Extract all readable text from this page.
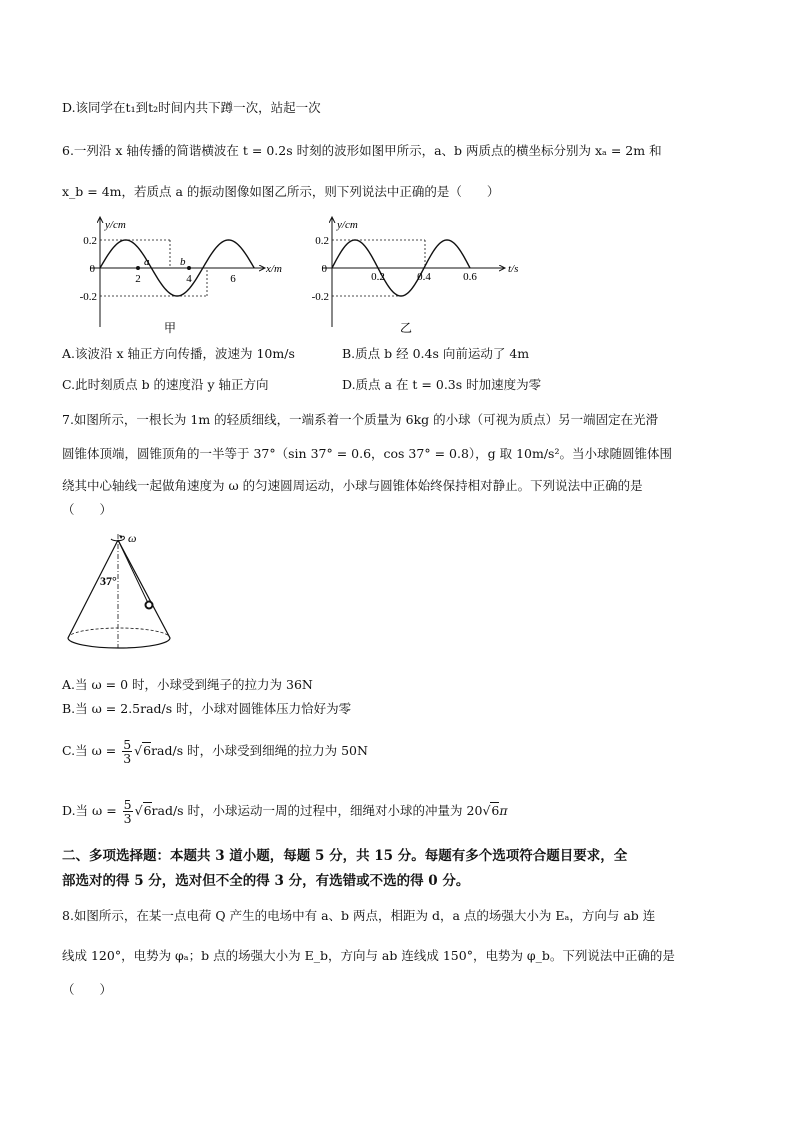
D.该同学在t₁到t₂时间内共下蹲一次，站起一次
6.一列沿 x 轴传播的简谐横波在 t = 0.2s 时刻的波形如图甲所示，a、b 两质点的横坐标分别为 xₐ = 2m 和
x_b = 4m，若质点 a 的振动图像如图乙所示，则下列说法中正确的是（　　）
y/cm
x/m
0.2
0
-0.2
2	4	6
a	b
甲
y/cm
t/s
0.2
0
-0.2
0.2	0.4	0.6
乙
A.该波沿 x 轴正方向传播，波速为 10m/s	B.质点 b 经 0.4s 向前运动了 4m
C.此时刻质点 b 的速度沿 y 轴正方向	D.质点 a 在 t = 0.3s 时加速度为零
7.如图所示，一根长为 1m 的轻质细线，一端系着一个质量为 6kg 的小球（可视为质点）另一端固定在光滑
圆锥体顶端，圆锥顶角的一半等于 37°（sin 37° = 0.6，cos 37° = 0.8），g 取 10m/s²。当小球随圆锥体围
绕其中心轴线一起做角速度为 ω 的匀速圆周运动，小球与圆锥体始终保持相对静止。下列说法中正确的是
（　　）
ω
37°
A.当 ω = 0 时，小球受到绳子的拉力为 36N
B.当 ω = 2.5rad/s 时，小球对圆锥体压力恰好为零
C.当 $\omega = \frac{5}{3} √6rad/s$ 时，小球受到细绳的拉力为 50N
D.当 $\omega = \frac{5}{3} √6rad/s$ 时，小球运动一周的过程中，细绳对小球的冲量为 20√6π
二、多项选择题：本题共 3 道小题，每题 5 分，共 15 分。每题有多个选项符合题目要求，全
部选对的得 5 分，选对但不全的得 3 分，有选错或不选的得 0 分。
8.如图所示，在某一点电荷 Q 产生的电场中有 a、b 两点，相距为 d，a 点的场强大小为 Eₐ，方向与 ab 连
线成 120°，电势为 φₐ；b 点的场强大小为 E_b，方向与 ab 连线成 150°，电势为 φ_b。下列说法中正确的是
（　　）
